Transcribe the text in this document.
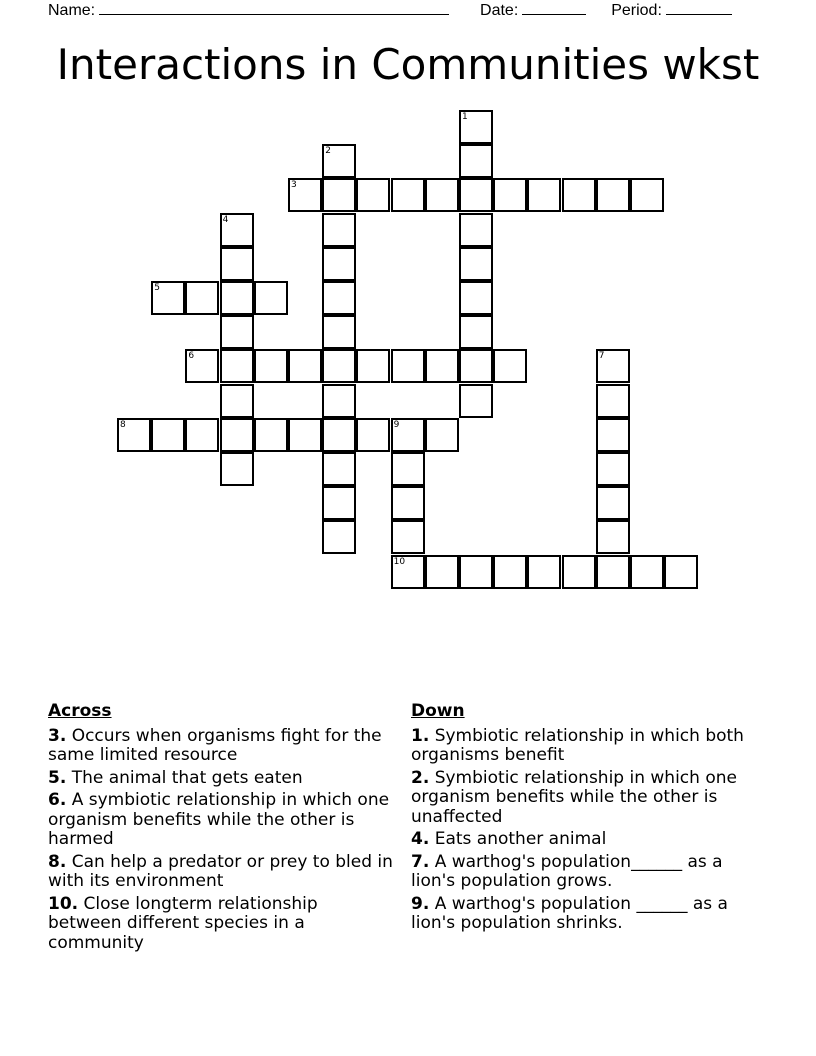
Name:	Date:	Period:
Interactions in Communities wkst
3
5
6
8	9
10
1
2
4
7
Across
3. Occurs when organisms fight for the same limited resource
5. The animal that gets eaten
6. A symbiotic relationship in which one organism benefits while the other is harmed
8. Can help a predator or prey to bled in with its environment
10. Close longterm relationship between different species in a community
Down
1. Symbiotic relationship in which both organisms benefit
2. Symbiotic relationship in which one organism benefits while the other is unaffected
4. Eats another animal
7. A warthog's population______ as a lion's population grows.
9. A warthog's population ______ as a lion's population shrinks.
